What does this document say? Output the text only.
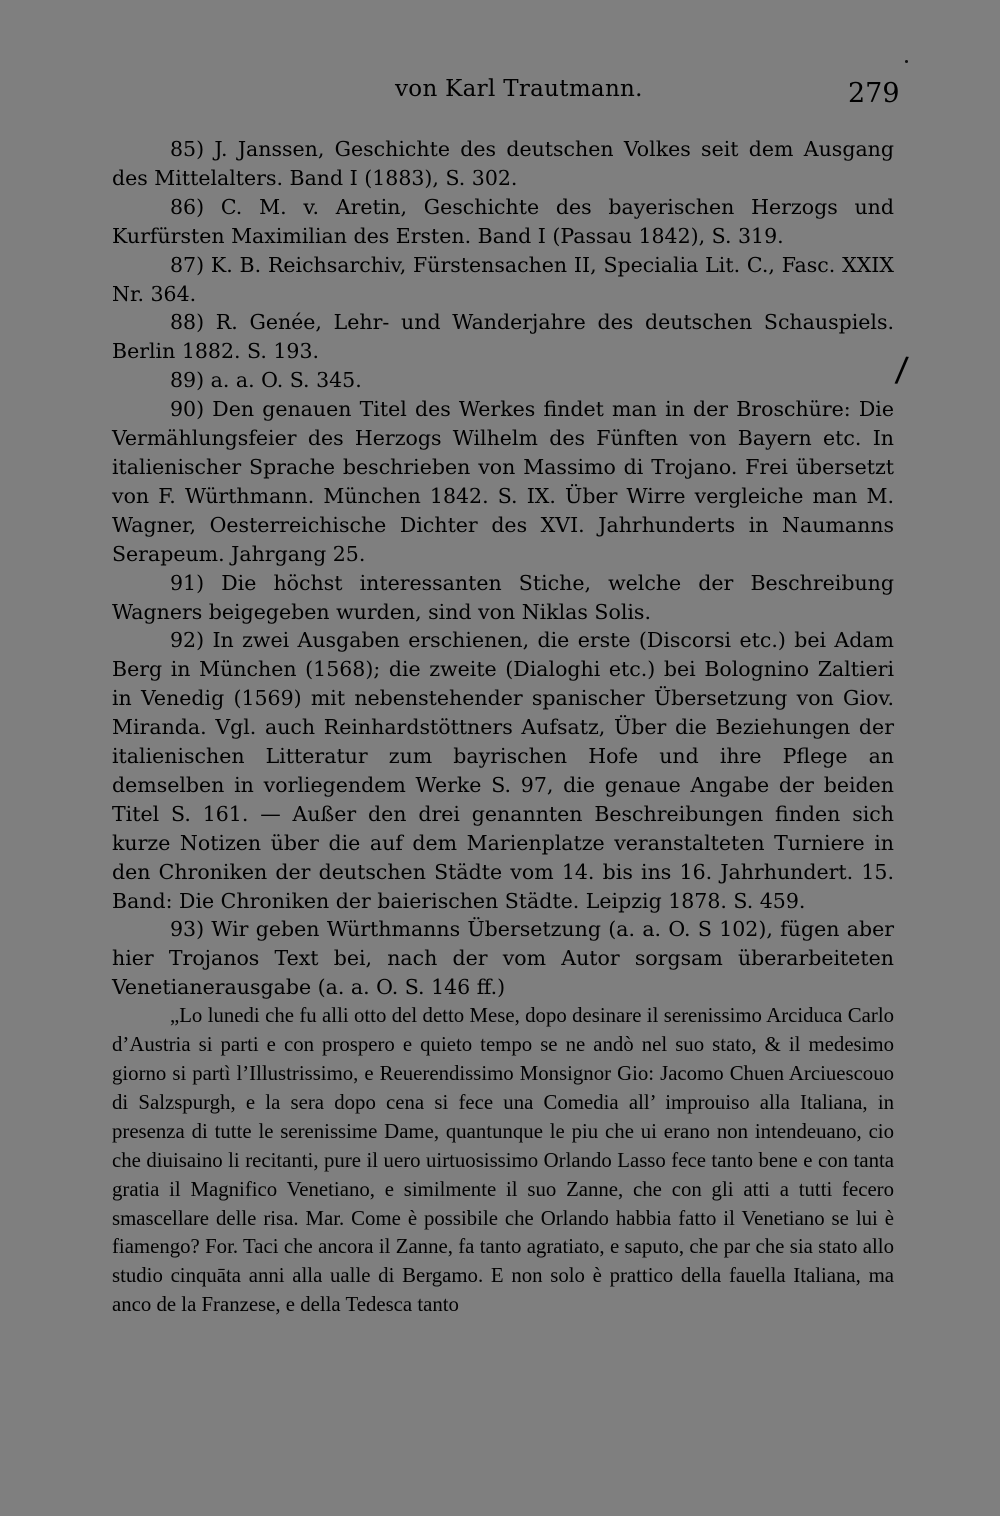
von Karl Trautmann.	279
/

85) J. Janssen, Geschichte des deutschen Volkes seit dem Ausgang des Mittelalters. Band I (1883), S. 302.

86) C. M. v. Aretin, Geschichte des bayerischen Herzogs und Kurfürsten Maximilian des Ersten. Band I (Passau 1842), S. 319.

87) K. B. Reichsarchiv, Fürstensachen II, Specialia Lit. C., Fasc. XXIX Nr. 364.

88) R. Genée, Lehr- und Wanderjahre des deutschen Schauspiels. Berlin 1882. S. 193.

89) a. a. O. S. 345.

90) Den genauen Titel des Werkes findet man in der Broschüre: Die Vermählungsfeier des Herzogs Wilhelm des Fünften von Bayern etc. In italienischer Sprache beschrieben von Massimo di Trojano. Frei übersetzt von F. Würthmann. München 1842. S. IX. Über Wirre vergleiche man M. Wagner, Oesterreichische Dichter des XVI. Jahrhunderts in Naumanns Serapeum. Jahrgang 25.

91) Die höchst interessanten Stiche, welche der Beschreibung Wagners beigegeben wurden, sind von Niklas Solis.

92) In zwei Ausgaben erschienen, die erste (Discorsi etc.) bei Adam Berg in München (1568); die zweite (Dialoghi etc.) bei Bolognino Zaltieri in Venedig (1569) mit nebenstehender spanischer Übersetzung von Giov. Miranda. Vgl. auch Reinhardstöttners Aufsatz, Über die Beziehungen der italienischen Litteratur zum bayrischen Hofe und ihre Pflege an demselben in vorliegendem Werke S. 97, die genaue Angabe der beiden Titel S. 161. — Außer den drei genannten Beschreibungen finden sich kurze Notizen über die auf dem Marienplatze veranstalteten Turniere in den Chroniken der deutschen Städte vom 14. bis ins 16. Jahrhundert. 15. Band: Die Chroniken der baierischen Städte. Leipzig 1878. S. 459.

93) Wir geben Würthmanns Übersetzung (a. a. O. S 102), fügen aber hier Trojanos Text bei, nach der vom Autor sorgsam überarbeiteten Venetianerausgabe (a. a. O. S. 146 ff.)

„Lo lunedi che fu alli otto del detto Mese, dopo desinare il serenissimo Arciduca Carlo d’Austria si parti e con prospero e quieto tempo se ne andò nel suo stato, & il medesimo giorno si partì l’Illustrissimo, e Reuerendissimo Monsignor Gio: Jacomo Chuen Arciuescouo di Salzspurgh, e la sera dopo cena si fece una Comedia all’ improuiso alla Italiana, in presenza di tutte le serenissime Dame, quantunque le piu che ui erano non intendeuano, cio che diuisaino li recitanti, pure il uero uirtuosissimo Orlando Lasso fece tanto bene e con tanta gratia il Magnifico Venetiano, e similmente il suo Zanne, che con gli atti a tutti fecero smascellare delle risa. Mar. Come è possibile che Orlando habbia fatto il Venetiano se lui è fiamengo? For. Taci che ancora il Zanne, fa tanto agratiato, e saputo, che par che sia stato allo studio cinquāta anni alla ualle di Bergamo. E non solo è prattico della fauella Italiana, ma anco de la Franzese, e della Tedesca tanto
